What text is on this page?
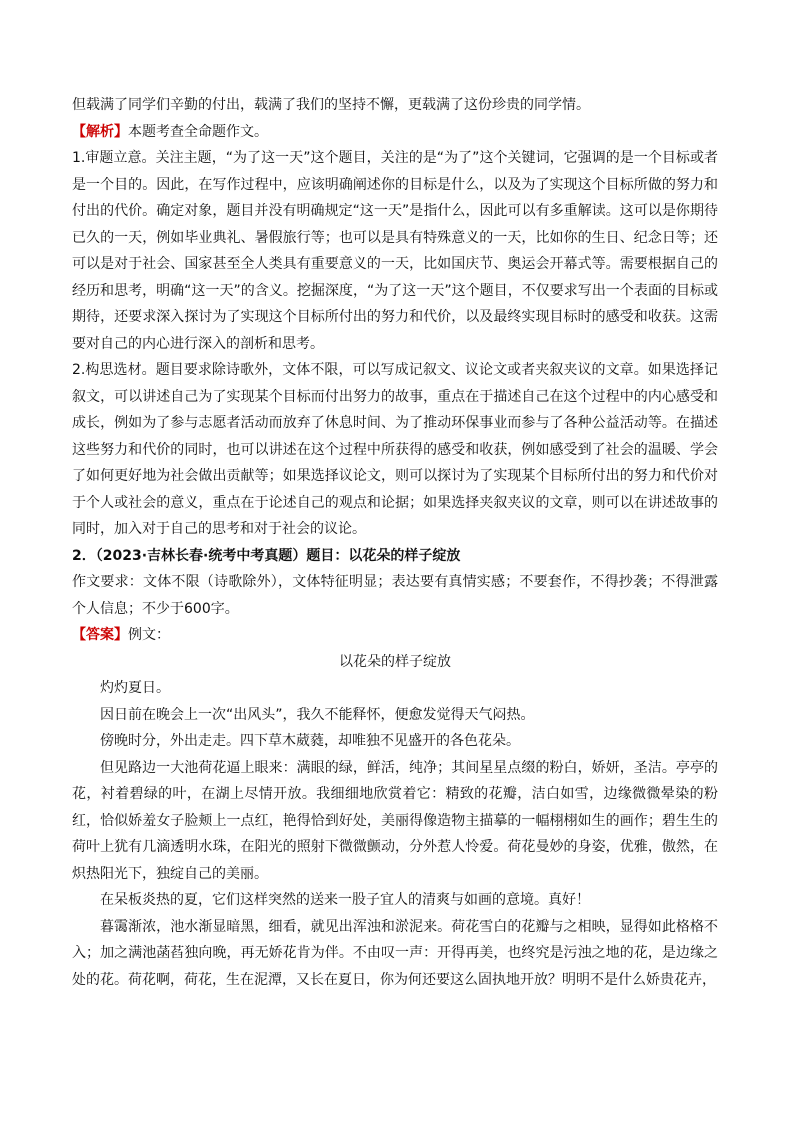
但载满了同学们辛勤的付出，载满了我们的坚持不懈，更载满了这份珍贵的同学情。

【解析】本题考查全命题作文。

1.审题立意。关注主题，“为了这一天”这个题目，关注的是“为了”这个关键词，它强调的是一个目标或者是一个目的。因此，在写作过程中，应该明确阐述你的目标是什么，以及为了实现这个目标所做的努力和付出的代价。确定对象，题目并没有明确规定“这一天”是指什么，因此可以有多重解读。这可以是你期待已久的一天，例如毕业典礼、暑假旅行等；也可以是具有特殊意义的一天，比如你的生日、纪念日等；还可以是对于社会、国家甚至全人类具有重要意义的一天，比如国庆节、奥运会开幕式等。需要根据自己的经历和思考，明确“这一天”的含义。挖掘深度，“为了这一天”这个题目，不仅要求写出一个表面的目标或期待，还要求深入探讨为了实现这个目标所付出的努力和代价，以及最终实现目标时的感受和收获。这需要对自己的内心进行深入的剖析和思考。

2.构思选材。题目要求除诗歌外，文体不限，可以写成记叙文、议论文或者夹叙夹议的文章。如果选择记叙文，可以讲述自己为了实现某个目标而付出努力的故事，重点在于描述自己在这个过程中的内心感受和成长，例如为了参与志愿者活动而放弃了休息时间、为了推动环保事业而参与了各种公益活动等。在描述这些努力和代价的同时，也可以讲述在这个过程中所获得的感受和收获，例如感受到了社会的温暖、学会了如何更好地为社会做出贡献等；如果选择议论文，则可以探讨为了实现某个目标所付出的努力和代价对于个人或社会的意义，重点在于论述自己的观点和论据；如果选择夹叙夹议的文章，则可以在讲述故事的同时，加入对于自己的思考和对于社会的议论。

2．（2023·吉林长春·统考中考真题）题目：以花朵的样子绽放

作文要求：文体不限（诗歌除外），文体特征明显；表达要有真情实感；不要套作，不得抄袭；不得泄露个人信息；不少于600字。

【答案】例文：

以花朵的样子绽放

灼灼夏日。

因日前在晚会上一次“出风头”，我久不能释怀，便愈发觉得天气闷热。

傍晚时分，外出走走。四下草木葳蕤，却唯独不见盛开的各色花朵。

但见路边一大池荷花逼上眼来：满眼的绿，鲜活，纯净；其间星星点缀的粉白，娇妍，圣洁。亭亭的花，衬着碧绿的叶，在湖上尽情开放。我细细地欣赏着它：精致的花瓣，洁白如雪，边缘微微晕染的粉红，恰似娇羞女子脸颊上一点红，艳得恰到好处，美丽得像造物主描摹的一幅栩栩如生的画作；碧生生的荷叶上犹有几滴透明水珠，在阳光的照射下微微颤动，分外惹人怜爱。荷花曼妙的身姿，优雅，傲然，在炽热阳光下，独绽自己的美丽。

在呆板炎热的夏，它们这样突然的送来一股子宜人的清爽与如画的意境。真好！

暮霭渐浓，池水渐显暗黑，细看，就见出浑浊和淤泥来。荷花雪白的花瓣与之相映，显得如此格格不入；加之满池菡萏独向晚，再无娇花肯为伴。不由叹一声：开得再美，也终究是污浊之地的花，是边缘之处的花。荷花啊，荷花，生在泥潭，又长在夏日，你为何还要这么固执地开放？明明不是什么娇贵花卉，
